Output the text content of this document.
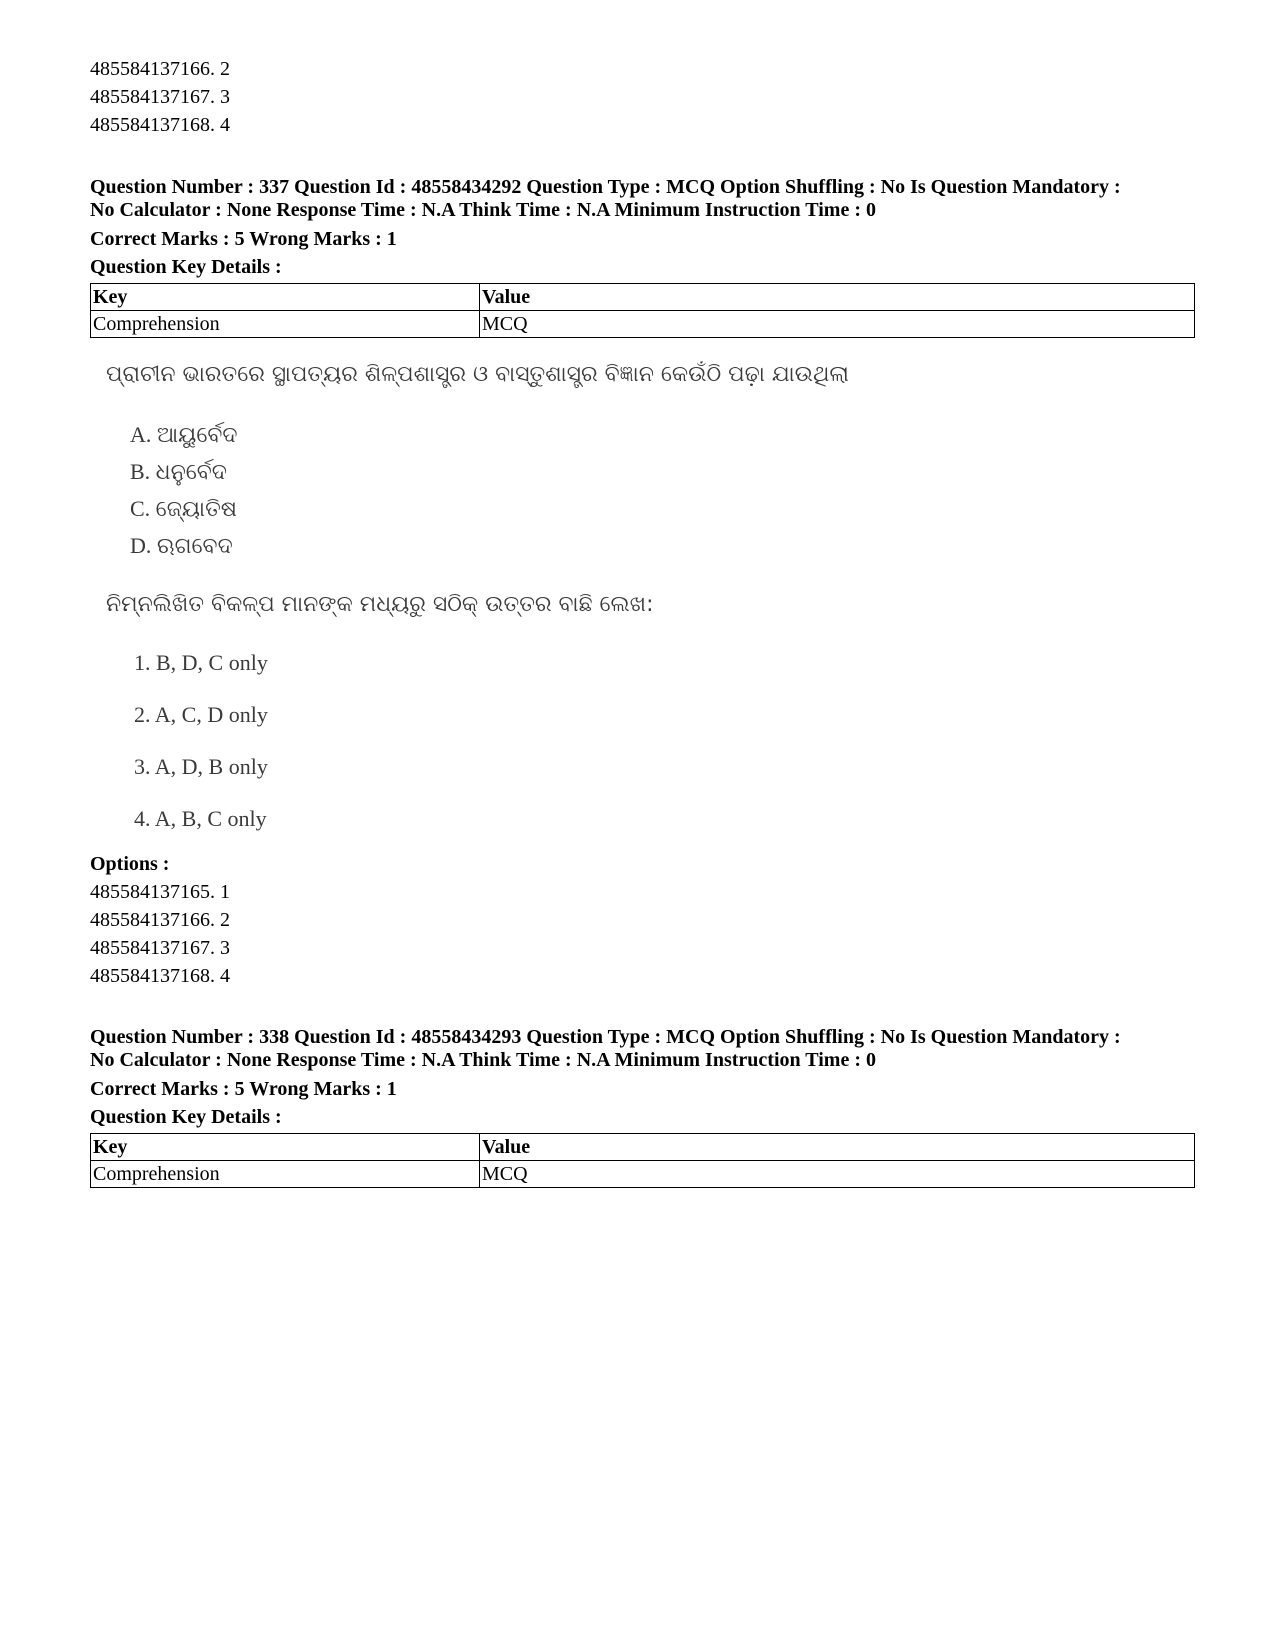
485584137166. 2
485584137167. 3
485584137168. 4
Question Number : 337 Question Id : 48558434292 Question Type : MCQ Option Shuffling : No Is Question Mandatory :
No Calculator : None Response Time : N.A Think Time : N.A Minimum Instruction Time : 0
Correct Marks : 5 Wrong Marks : 1
Question Key Details :
Key	Value
Comprehension	MCQ
ପ୍ରାଚୀନ ଭାରତରେ ସ୍ଥାପତ୍ୟର ଶିଳ୍ପଶାସ୍ତ୍ର ଓ ବାସ୍ତୁଶାସ୍ତ୍ର ବିଜ୍ଞାନ କେଉଁଠି ପଢ଼ା ଯାଉଥିଲା
A. ଆୟୁର୍ବେଦ
B. ଧନୁର୍ବେଦ
C. ଜ୍ୟୋତିଷ
D. ଋଗବେଦ
ନିମ୍ନଲିଖିତ ବିକଳ୍ପ ମାନଙ୍କ ମଧ୍ୟରୁ ସଠିକ୍ ଉତ୍ତର ବାଛି ଲେଖ:
1. B, D, C only
2. A, C, D only
3. A, D, B only
4. A, B, C only
Options :
485584137165. 1
485584137166. 2
485584137167. 3
485584137168. 4
Question Number : 338 Question Id : 48558434293 Question Type : MCQ Option Shuffling : No Is Question Mandatory :
No Calculator : None Response Time : N.A Think Time : N.A Minimum Instruction Time : 0
Correct Marks : 5 Wrong Marks : 1
Question Key Details :
Key	Value
Comprehension	MCQ
